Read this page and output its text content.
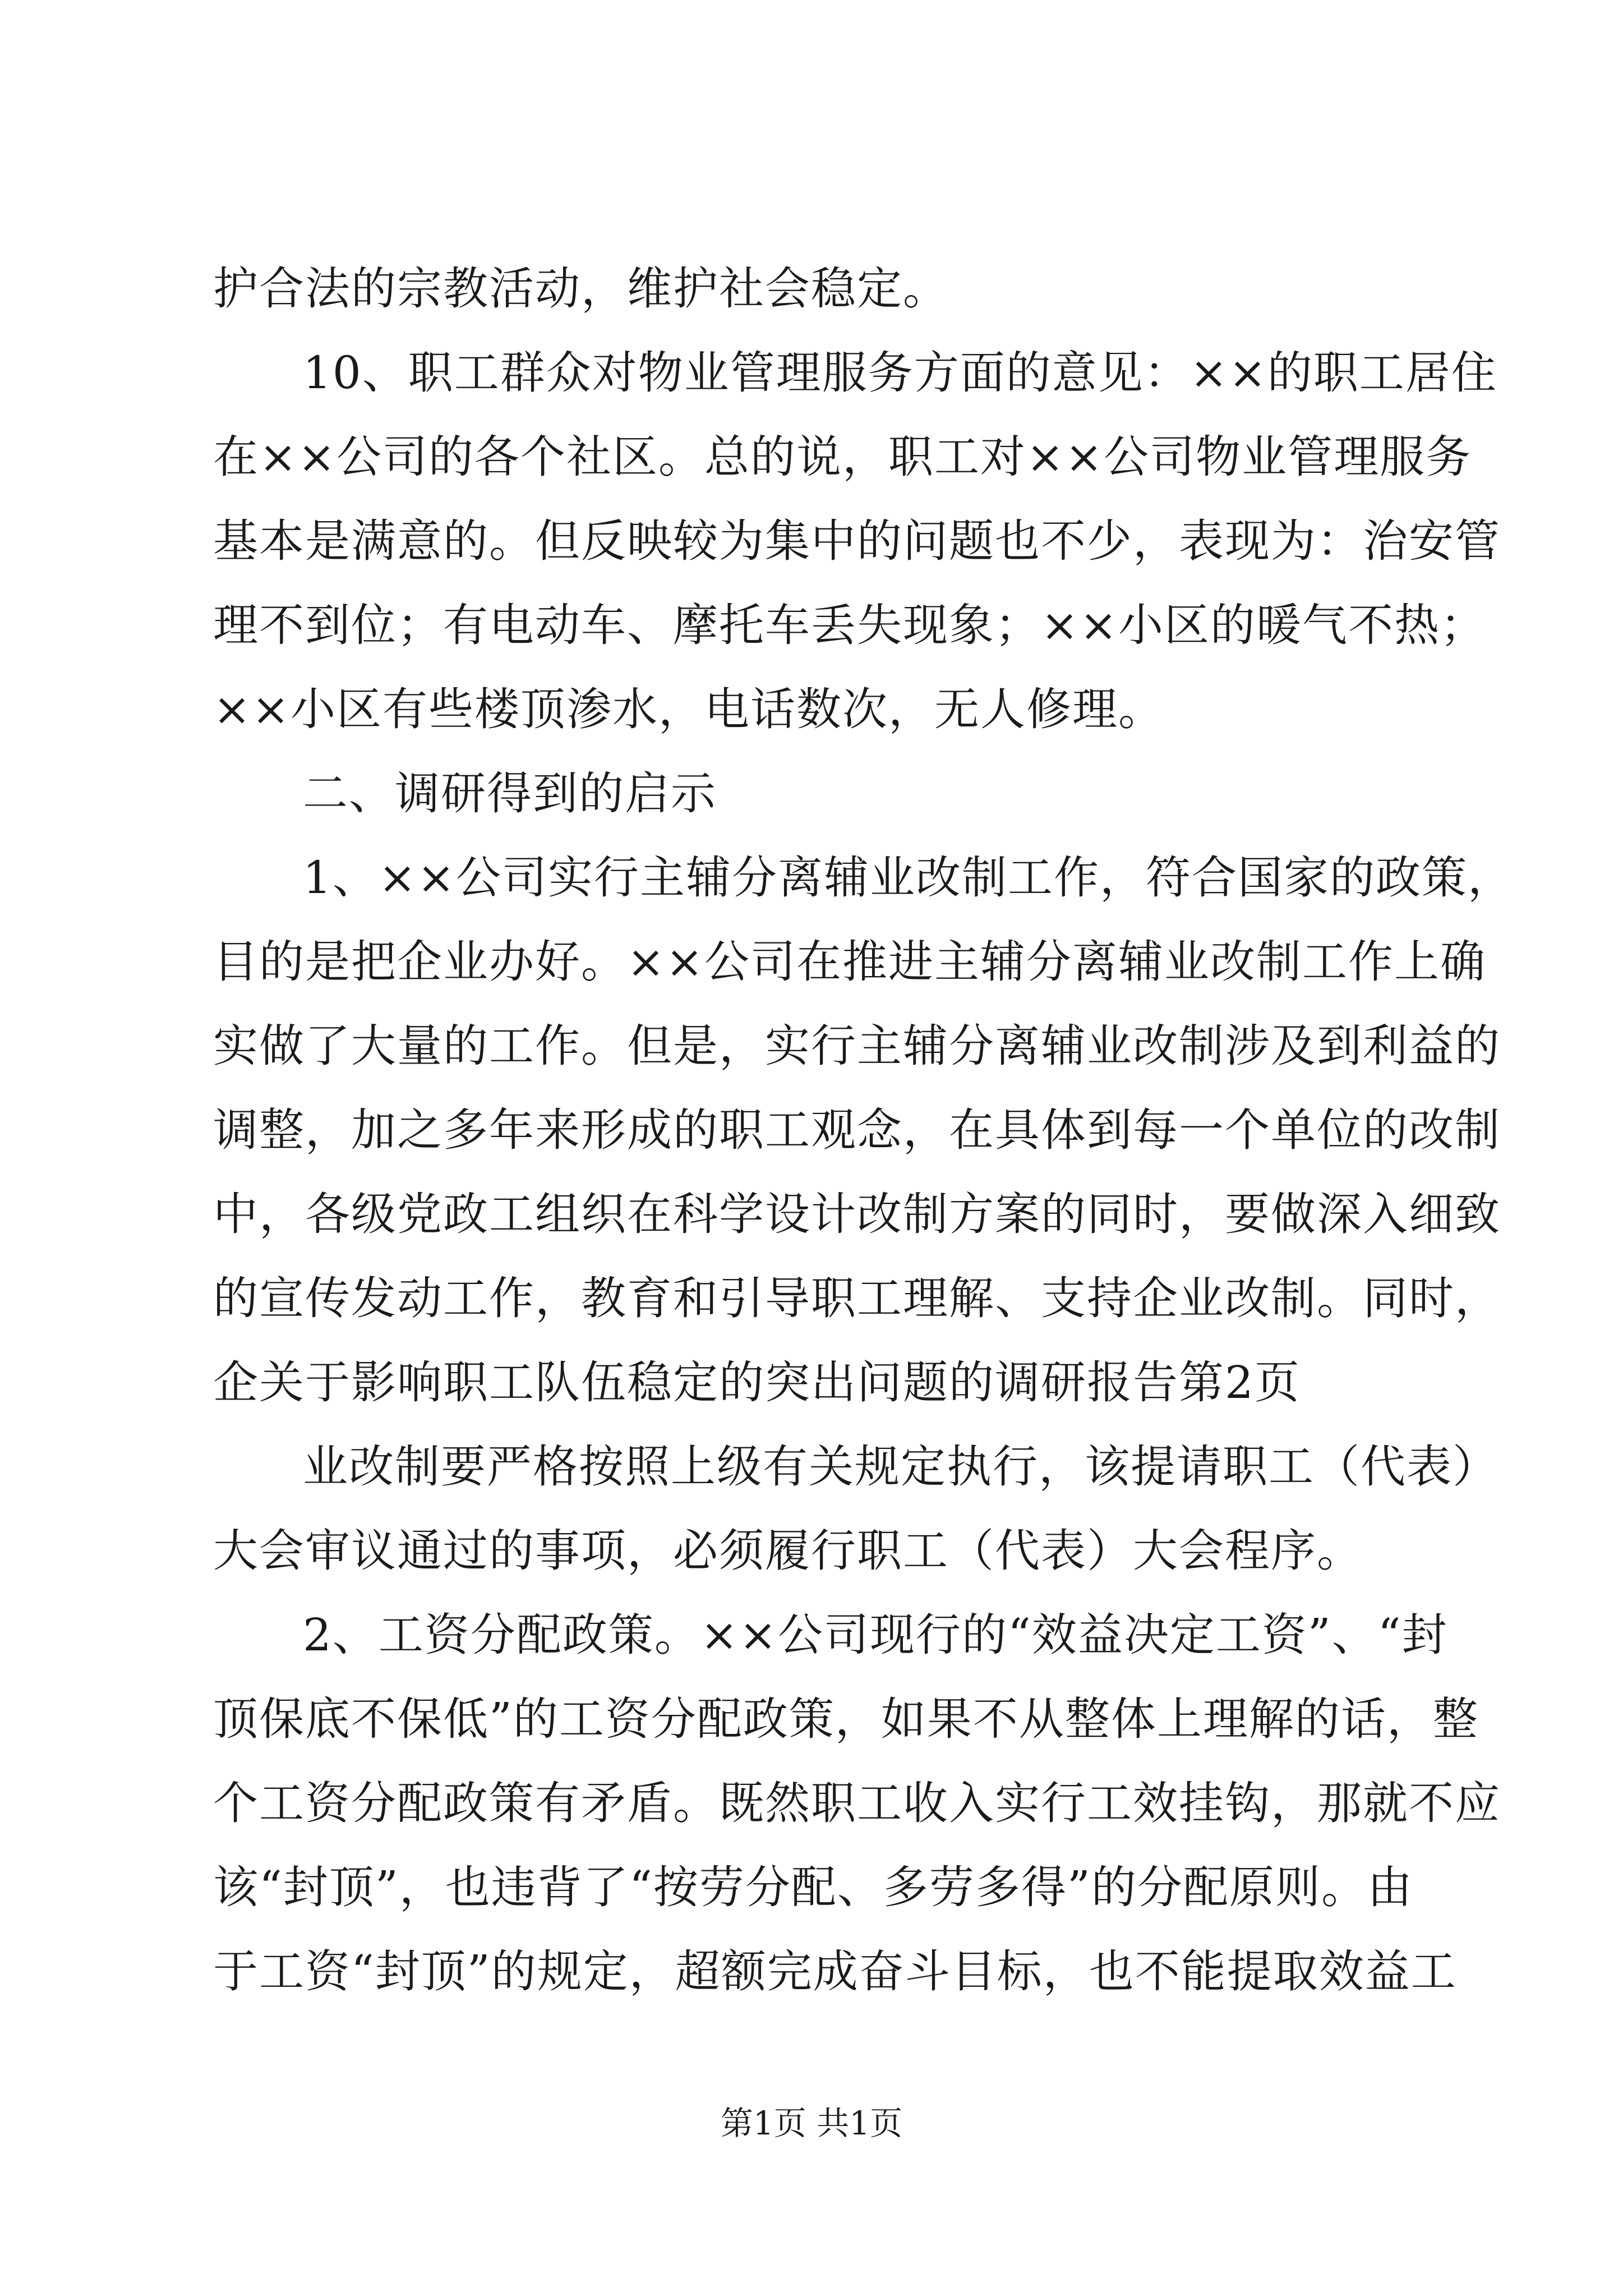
护合法的宗教活动，维护社会稳定。
10、职工群众对物业管理服务方面的意见：××的职工居住
在××公司的各个社区。总的说，职工对××公司物业管理服务
基本是满意的。但反映较为集中的问题也不少，表现为：治安管
理不到位；有电动车、摩托车丢失现象；××小区的暖气不热；
××小区有些楼顶渗水，电话数次，无人修理。
二、调研得到的启示
1、××公司实行主辅分离辅业改制工作，符合国家的政策，
目的是把企业办好。××公司在推进主辅分离辅业改制工作上确
实做了大量的工作。但是，实行主辅分离辅业改制涉及到利益的
调整，加之多年来形成的职工观念，在具体到每一个单位的改制
中，各级党政工组织在科学设计改制方案的同时，要做深入细致
的宣传发动工作，教育和引导职工理解、支持企业改制。同时，
企关于影响职工队伍稳定的突出问题的调研报告第2页
业改制要严格按照上级有关规定执行，该提请职工（代表）
大会审议通过的事项，必须履行职工（代表）大会程序。
2、工资分配政策。××公司现行的“效益决定工资”、“封
顶保底不保低”的工资分配政策，如果不从整体上理解的话，整
个工资分配政策有矛盾。既然职工收入实行工效挂钩，那就不应
该“封顶”，也违背了“按劳分配、多劳多得”的分配原则。由
于工资“封顶”的规定，超额完成奋斗目标，也不能提取效益工
第1页 共1页
